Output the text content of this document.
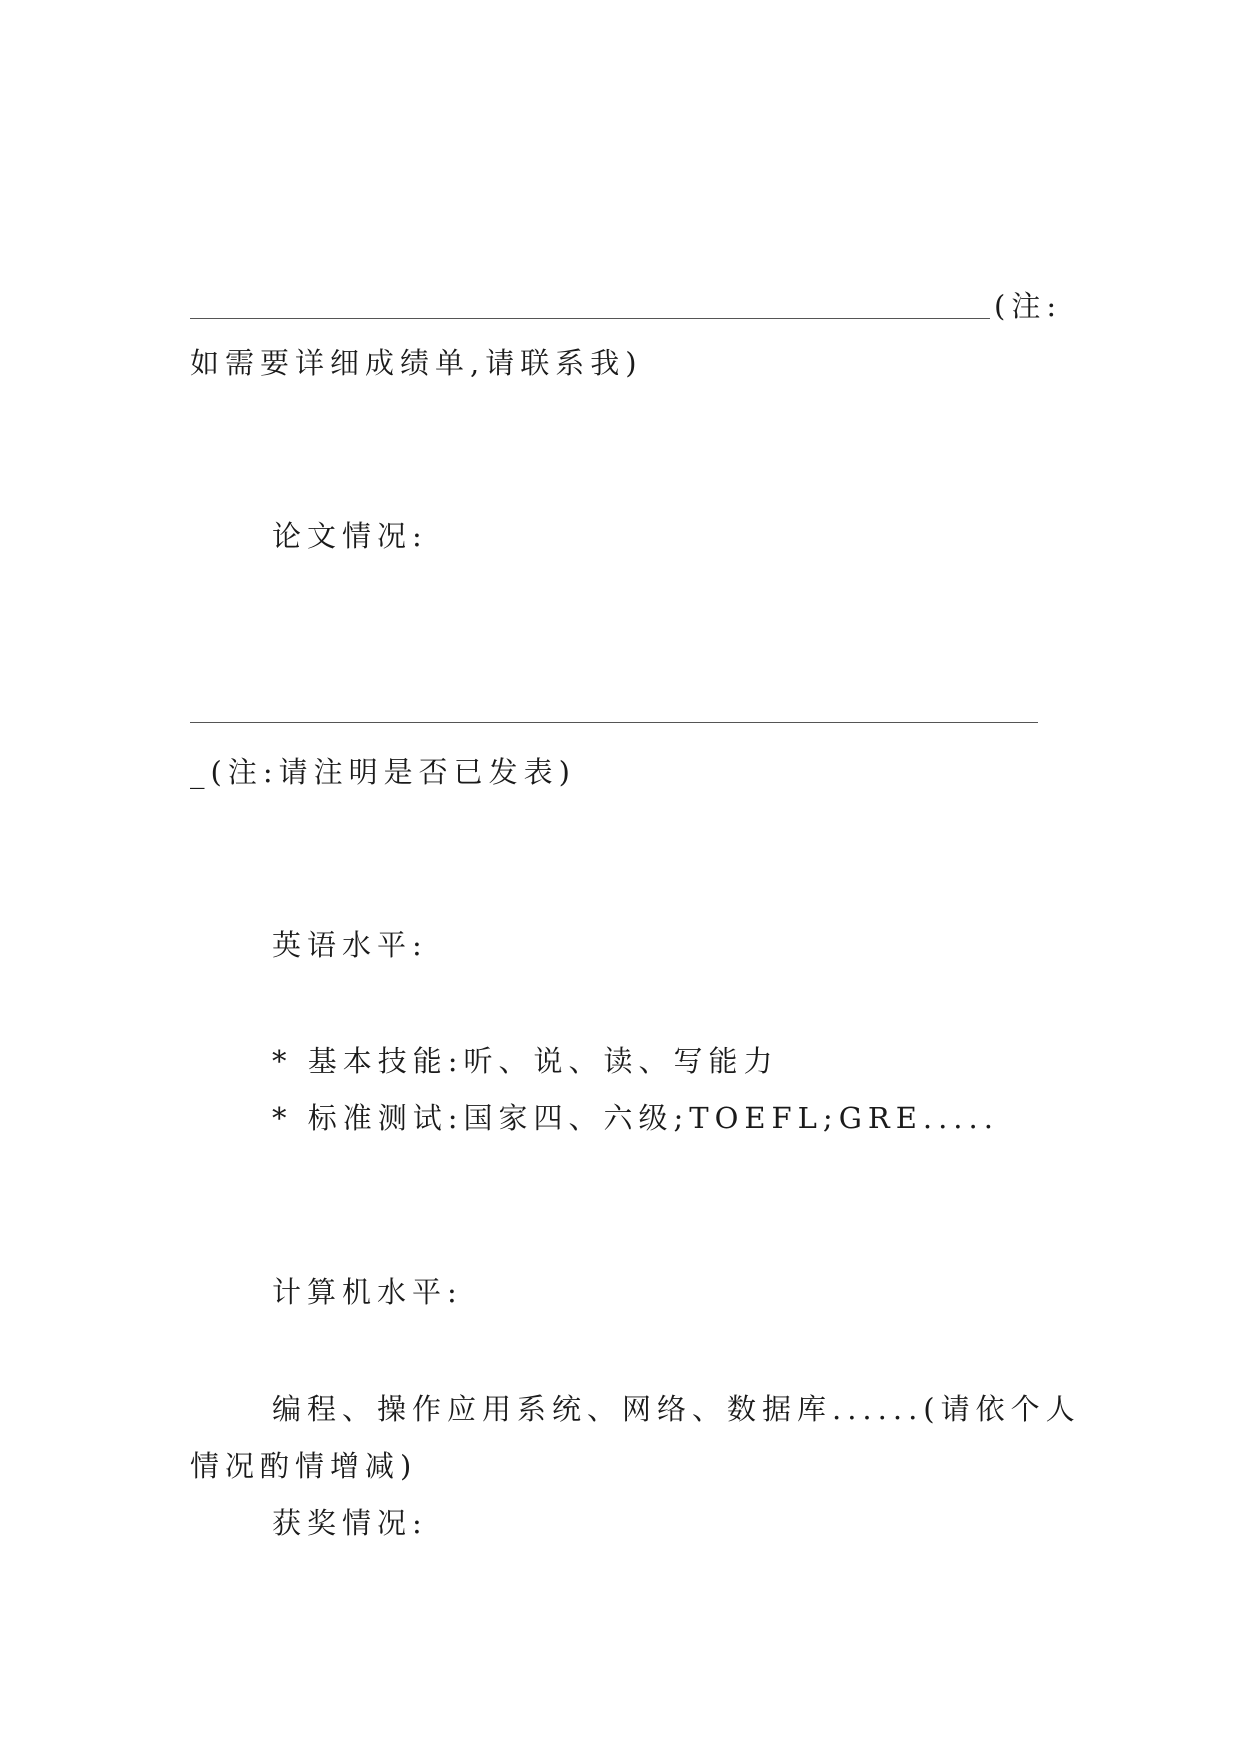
(注:
如需要详细成绩单,请联系我)
论文情况:
_(注:请注明是否已发表)
英语水平:
* 基本技能:听、说、读、写能力
* 标准测试:国家四、六级;TOEFL;GRE.....
计算机水平:
编程、操作应用系统、网络、数据库......(请依个人
情况酌情增减)
获奖情况:
